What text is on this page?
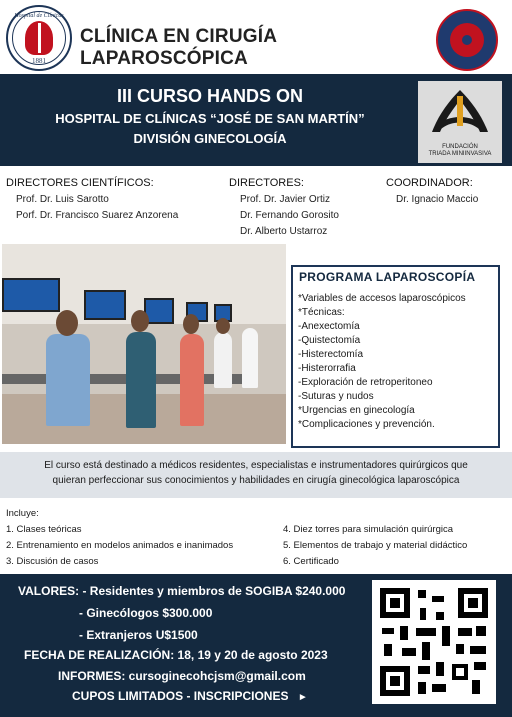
Hospital de Clínicas
1881
CLÍNICA EN CIRUGÍA LAPAROSCÓPICA
III CURSO HANDS ON
HOSPITAL DE CLÍNICAS “JOSÉ DE SAN MARTÍN”
DIVISIÓN GINECOLOGÍA
FUNDACIÓN
TRIADA MINIINVASIVA
DIRECTORES CIENTÍFICOS:
Prof. Dr. Luis Sarotto
Porf. Dr. Francisco Suarez Anzorena
DIRECTORES:
Prof. Dr. Javier Ortiz
Dr. Fernando Gorosito
Dr. Alberto Ustarroz
COORDINADOR:
Dr. Ignacio Maccio
PROGRAMA LAPAROSCOPÍA
*Variables de accesos laparoscópicos
*Técnicas:
-Anexectomía
-Quistectomía
-Histerectomía
-Histerorrafia
-Exploración de retroperitoneo
-Suturas y nudos
*Urgencias en ginecología
*Complicaciones y prevención.
El curso está destinado a médicos residentes, especialistas e instrumentadores quirúrgicos que
quieran perfeccionar sus conocimientos y habilidades en cirugía ginecológica laparoscópica
Incluye:
1. Clases teóricas
2. Entrenamiento en modelos animados e inanimados
3. Discusión de casos
4. Diez torres para simulación quirúrgica
5. Elementos de trabajo y material didáctico
6. Certificado
VALORES: - Residentes y miembros de SOGIBA $240.000
- Ginecólogos $300.000
- Extranjeros U$1500
FECHA DE REALIZACIÓN: 18, 19 y 20 de agosto 2023
INFORMES: cursoginecohcjsm@gmail.com
CUPOS LIMITADOS - INSCRIPCIONES ►
